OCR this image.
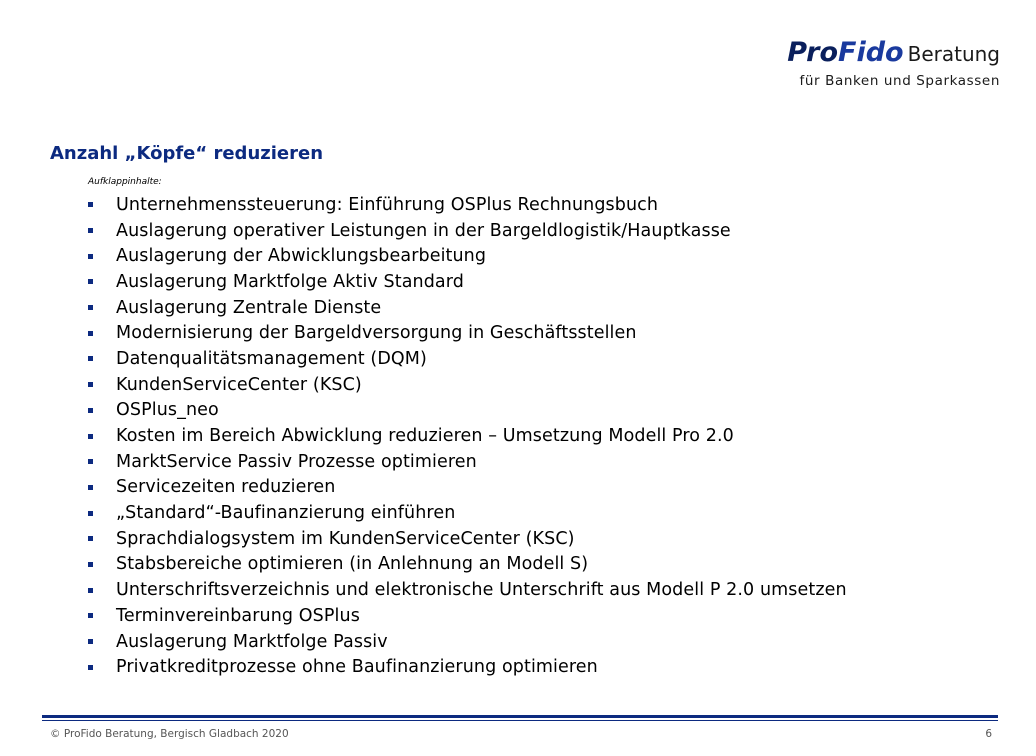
ProFido Beratung
für Banken und Sparkassen
Anzahl „Köpfe“ reduzieren
Aufklappinhalte:
Unternehmenssteuerung: Einführung OSPlus Rechnungsbuch
Auslagerung operativer Leistungen in der Bargeldlogistik/Hauptkasse
Auslagerung der Abwicklungsbearbeitung
Auslagerung Marktfolge Aktiv Standard
Auslagerung Zentrale Dienste
Modernisierung der Bargeldversorgung in Geschäftsstellen
Datenqualitätsmanagement (DQM)
KundenServiceCenter (KSC)
OSPlus_neo
Kosten im Bereich Abwicklung reduzieren – Umsetzung Modell Pro 2.0
MarktService Passiv Prozesse optimieren
Servicezeiten reduzieren
„Standard“-Baufinanzierung einführen
Sprachdialogsystem im KundenServiceCenter (KSC)
Stabsbereiche optimieren (in Anlehnung an Modell S)
Unterschriftsverzeichnis und elektronische Unterschrift aus Modell P 2.0 umsetzen
Terminvereinbarung OSPlus
Auslagerung Marktfolge Passiv
Privatkreditprozesse ohne Baufinanzierung optimieren
© ProFido Beratung, Bergisch Gladbach 2020	6
